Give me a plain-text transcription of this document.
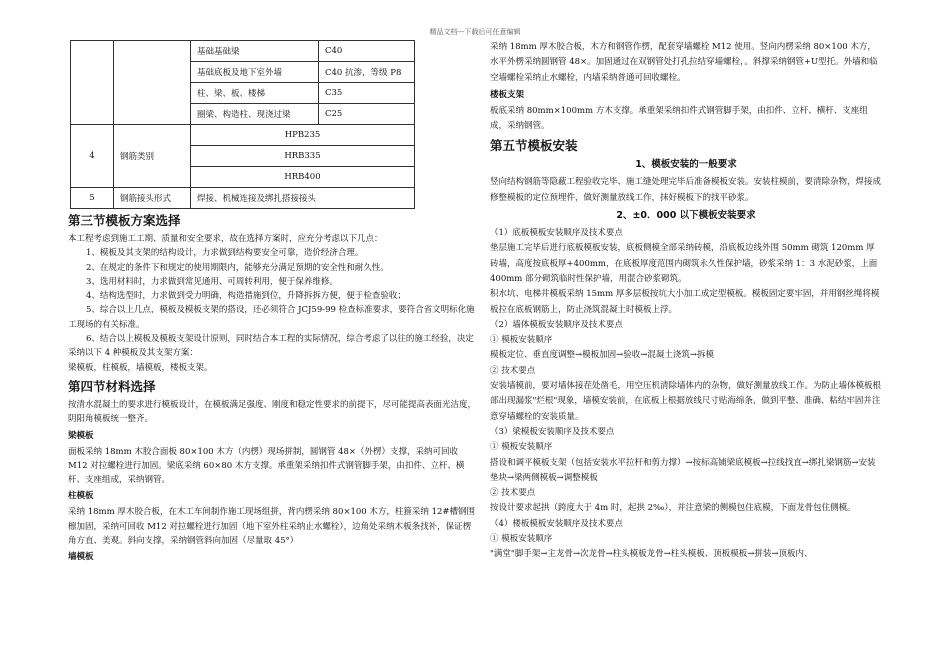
精品文档---下载后可任意编辑
		基础基础梁	C40
		基础底板及地下室外墙	C40 抗渗，等级 P8
		柱、梁、板、楼梯	C35
		圈梁、构造柱、现浇过梁	C25
4	钢筋类别	HPB235	
		HRB335	
		HRB400	
5	钢筋接头形式	焊接、机械连接及绑扎搭接接头	
第三节模板方案选择

本工程考虑到施工工期、质量和安全要求，故在选择方案时，应充分考虑以下几点：

1、模板及其支架的结构设计，力求做到结构要安全可靠，造价经济合理。

2、在规定的条件下和规定的使用期限内，能够充分满足预期的安全性和耐久性。

3、选用材料时，力求做到常见通用、可周转利用，便于保养维修。

4、结构选型时，力求做到受力明确，构造措施到位，升降拆拆方便，便于检查验收；

5、综合以上几点，模板及模板支架的搭设，还必须符合 JCJ59-99 检查标准要求，要符合省文明标化施工现场的有关标准。

6、结合以上模板及模板支架设计原则，同时结合本工程的实际情况，综合考虑了以往的施工经验，决定采纳以下 4 种模板及其支架方案：

梁模板，柱模板，墙模板，楼板支架。

第四节材料选择

按清水混凝土的要求进行模板设计，在模板满足强度、刚度和稳定性要求的前提下，尽可能提高表面光洁度，阴阳角模板统一整齐。

梁模板

面板采纳 18mm 木胶合面板 80×100 木方（内楞）现场拼制，圆钢管 48×（外楞）支撑，采纳可回收 M12 对拉螺栓进行加固。梁底采纳 60×80 木方支撑。承重架采纳扣件式钢管脚手架，由扣件、立杆、横杆、支座组成，采纳钢管。

柱模板

采纳 18mm 厚木胶合板，在木工车间制作施工现场组拼，背内楞采纳 80×100 木方，柱箍采纳 12#槽钢围檩加固，采纳可回收 M12 对拉螺栓进行加固（地下室外柱采纳止水螺栓），边角处采纳木板条找补，保证楞角方直、美观。斜向支撑，采纳钢管斜向加固（尽量取 45°）

墙模板

采纳 18mm 厚木胶合板，木方和钢管作楞，配套穿墙螺栓 M12 使用。竖向内楞采纳 80×100 木方，水平外楞采纳圆钢管 48×。加固通过在双钢管处打孔拉结穿墙螺栓，。斜撑采纳钢管+U型托。外墙和临空墙螺栓采纳止水螺栓，内墙采纳普通可回收螺栓。

楼板支架

板底采纳 80mm×100mm 方木支撑。承重架采纳扣件式钢管脚手架，由扣件、立杆、横杆、支座组成，采纳钢管。

第五节模板安装
1、模板安装的一般要求

竖向结构钢筋等隐蔽工程验收完毕、施工缝处理完毕后准备模板安装。安装柱模前，要清除杂物，焊接成修整模板的定位预埋件，做好测量放线工作，抹好模板下的找平砂浆。

2、±0．000 以下模板安装要求

（1）底板模板安装顺序及技术要点

垫层施工完毕后进行底板模板安装，底板侧模全部采纳砖模，沿底板边线外围 50mm 砌筑 120mm 厚砖墙，高度按底板厚+400mm，在底板厚度范围内砌筑永久性保护墙，砂浆采纳 1：3 水泥砂浆，上面 400mm 部分砌筑临时性保护墙，用混合砂浆砌筑。

积水坑、电梯井模板采纳 15mm 厚多层板按坑大小加工成定型模板。模板固定要牢固，并用钢丝绳将模板拉在底板钢筋上，防止浇筑混凝土时模板上浮。

（2）墙体模板安装顺序及技术要点

① 模板安装顺序

模板定位、垂直度调整→模板加固→验收→混凝土浇筑→拆模

② 技术要点

安装墙模前，要对墙体接茬处凿毛，用空压机清除墙体内的杂物，做好测量放线工作。为防止墙体模板根部出现漏浆"烂根"现象，墙模安装前，在底板上根据放线尺寸贴海绵条，做到平整、准确、粘结牢固并注意穿墙螺栓的安装质量。

（3）梁模板安装顺序及技术要点

① 模板安装顺序

搭设和调平模板支架（包括安装水平拉杆和剪力撑）→按标高铺梁底模板→拉线找直→绑扎梁钢筋→安装垫块→梁两侧模板→调整模板

② 技术要点

按设计要求起拱（跨度大于 4m 时，起拱 2‰），并注意梁的侧模包住底模，下面龙骨包住侧模。

（4）楼板模板安装顺序及技术要点

① 模板安装顺序

"满堂"脚手架→主龙骨→次龙骨→柱头模板龙骨→柱头模板、顶板模板→拼装→顶板内、
